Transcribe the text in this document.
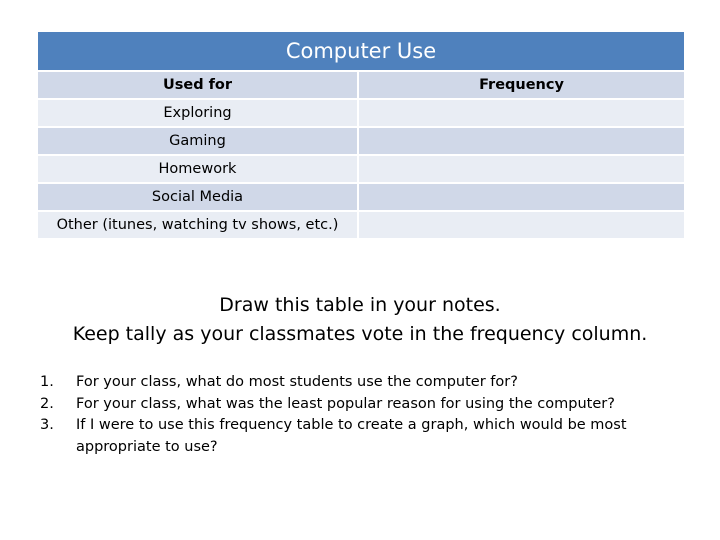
Computer Use	
Used for	Frequency
Exploring	
Gaming	
Homework	
Social Media	
Other (itunes, watching tv shows, etc.)	
Draw this table in your notes.
Keep tally as your classmates vote in the frequency column.
1.	For your class, what do most students use the computer for?
2.	For your class, what was the least popular reason for using the computer?
3.	If I were to use this frequency table to create a graph, which would be most appropriate to use?
